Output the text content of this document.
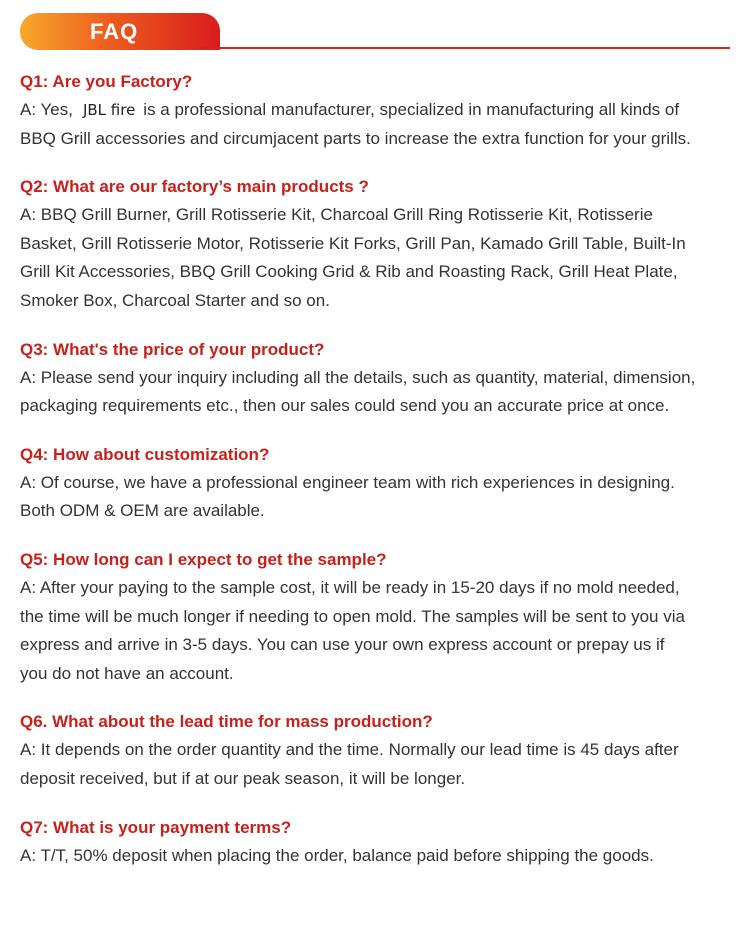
FAQ
Q1: Are you Factory?
A: Yes, JBL fire is a professional manufacturer, specialized in manufacturing all kinds of
BBQ Grill accessories and circumjacent parts to increase the extra function for your grills.
Q2: What are our factory’s main products ?
A: BBQ Grill Burner, Grill Rotisserie Kit, Charcoal Grill Ring Rotisserie Kit, Rotisserie
Basket, Grill Rotisserie Motor, Rotisserie Kit Forks, Grill Pan, Kamado Grill Table, Built-In
Grill Kit Accessories, BBQ Grill Cooking Grid & Rib and Roasting Rack, Grill Heat Plate,
Smoker Box, Charcoal Starter and so on.
Q3: What's the price of your product?
A: Please send your inquiry including all the details, such as quantity, material, dimension,
packaging requirements etc., then our sales could send you an accurate price at once.
Q4: How about customization?
A: Of course, we have a professional engineer team with rich experiences in designing.
Both ODM & OEM are available.
Q5: How long can I expect to get the sample?
A: After your paying to the sample cost, it will be ready in 15-20 days if no mold needed,
the time will be much longer if needing to open mold. The samples will be sent to you via
express and arrive in 3-5 days. You can use your own express account or prepay us if
you do not have an account.
Q6. What about the lead time for mass production?
A: It depends on the order quantity and the time. Normally our lead time is 45 days after
deposit received, but if at our peak season, it will be longer.
Q7: What is your payment terms?
A: T/T, 50% deposit when placing the order, balance paid before shipping the goods.
